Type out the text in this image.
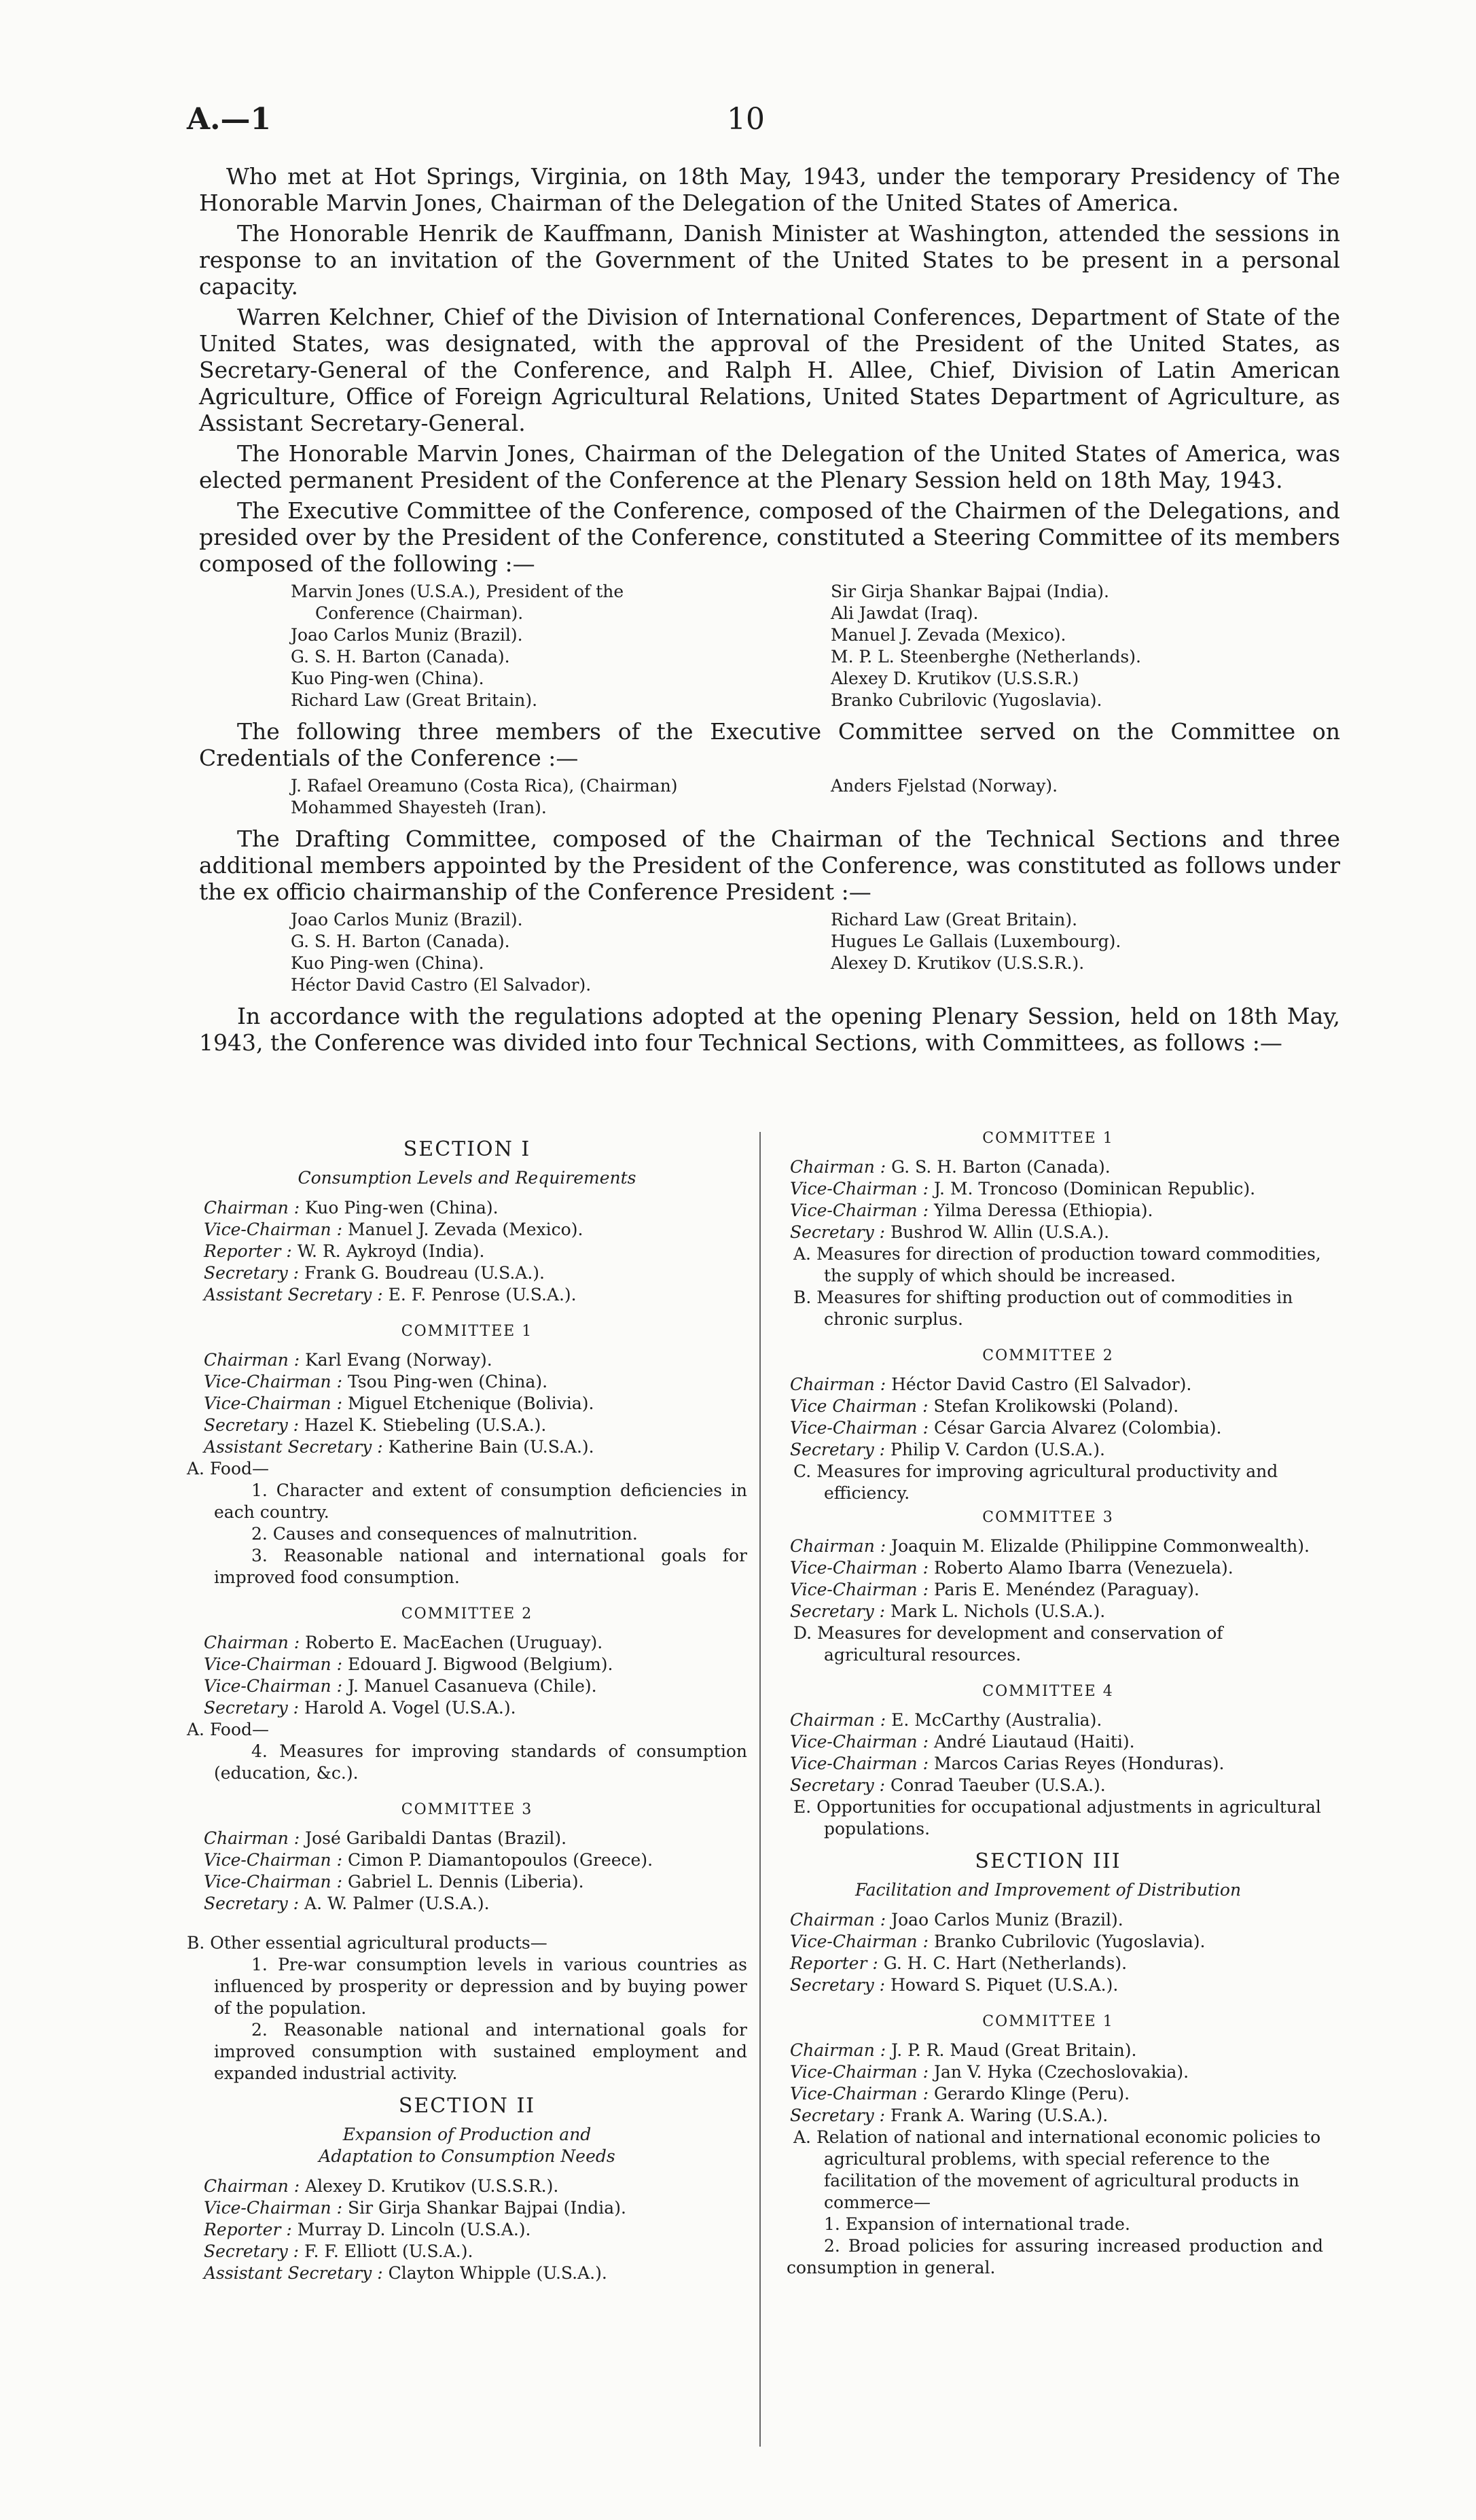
A.—1	10

Who met at Hot Springs, Virginia, on 18th May, 1943, under the temporary Presidency of The Honorable Marvin Jones, Chairman of the Delegation of the United States of America.

The Honorable Henrik de Kauffmann, Danish Minister at Washington, attended the sessions in response to an invitation of the Government of the United States to be present in a personal capacity.

Warren Kelchner, Chief of the Division of International Conferences, Department of State of the United States, was designated, with the approval of the President of the United States, as Secretary-General of the Conference, and Ralph H. Allee, Chief, Division of Latin American Agriculture, Office of Foreign Agricultural Relations, United States Department of Agriculture, as Assistant Secretary-General.

The Honorable Marvin Jones, Chairman of the Delegation of the United States of America, was elected permanent President of the Conference at the Plenary Session held on 18th May, 1943.

The Executive Committee of the Conference, composed of the Chairmen of the Delegations, and presided over by the President of the Conference, constituted a Steering Committee of its members composed of the following :—

Marvin Jones (U.S.A.), President of the
Conference (Chairman).
Joao Carlos Muniz (Brazil).
G. S. H. Barton (Canada).
Kuo Ping-wen (China).
Richard Law (Great Britain).
Sir Girja Shankar Bajpai (India).
Ali Jawdat (Iraq).
Manuel J. Zevada (Mexico).
M. P. L. Steenberghe (Netherlands).
Alexey D. Krutikov (U.S.S.R.)
Branko Cubrilovic (Yugoslavia).

The following three members of the Executive Committee served on the Committee on Credentials of the Conference :—

J. Rafael Oreamuno (Costa Rica), (Chairman)
Mohammed Shayesteh (Iran).
Anders Fjelstad (Norway).

The Drafting Committee, composed of the Chairman of the Technical Sections and three additional members appointed by the President of the Conference, was constituted as follows under the ex officio chairmanship of the Conference President :—

Joao Carlos Muniz (Brazil).
G. S. H. Barton (Canada).
Kuo Ping-wen (China).
Héctor David Castro (El Salvador).
Richard Law (Great Britain).
Hugues Le Gallais (Luxembourg).
Alexey D. Krutikov (U.S.S.R.).

In accordance with the regulations adopted at the opening Plenary Session, held on 18th May, 1943, the Conference was divided into four Technical Sections, with Committees, as follows :—

SECTION I
Consumption Levels and Requirements
Chairman : Kuo Ping-wen (China).
Vice-Chairman : Manuel J. Zevada (Mexico).
Reporter : W. R. Aykroyd (India).
Secretary : Frank G. Boudreau (U.S.A.).
Assistant Secretary : E. F. Penrose (U.S.A.).
COMMITTEE 1
Chairman : Karl Evang (Norway).
Vice-Chairman : Tsou Ping-wen (China).
Vice-Chairman : Miguel Etchenique (Bolivia).
Secretary : Hazel K. Stiebeling (U.S.A.).
Assistant Secretary : Katherine Bain (U.S.A.).
A. Food—
1. Character and extent of consumption deficiencies in each country.
2. Causes and consequences of malnutrition.
3. Reasonable national and international goals for improved food consumption.
COMMITTEE 2
Chairman : Roberto E. MacEachen (Uruguay).
Vice-Chairman : Edouard J. Bigwood (Belgium).
Vice-Chairman : J. Manuel Casanueva (Chile).
Secretary : Harold A. Vogel (U.S.A.).
A. Food—
4. Measures for improving standards of consumption (education, &c.).
COMMITTEE 3
Chairman : José Garibaldi Dantas (Brazil).
Vice-Chairman : Cimon P. Diamantopoulos (Greece).
Vice-Chairman : Gabriel L. Dennis (Liberia).
Secretary : A. W. Palmer (U.S.A.).
B. Other essential agricultural products—
1. Pre-war consumption levels in various countries as influenced by prosperity or depression and by buying power of the population.
2. Reasonable national and international goals for improved consumption with sustained employment and expanded industrial activity.
SECTION II
Expansion of Production and Adaptation to Consumption Needs
Chairman : Alexey D. Krutikov (U.S.S.R.).
Vice-Chairman : Sir Girja Shankar Bajpai (India).
Reporter : Murray D. Lincoln (U.S.A.).
Secretary : F. F. Elliott (U.S.A.).
Assistant Secretary : Clayton Whipple (U.S.A.).
COMMITTEE 1
Chairman : G. S. H. Barton (Canada).
Vice-Chairman : J. M. Troncoso (Dominican Republic).
Vice-Chairman : Yilma Deressa (Ethiopia).
Secretary : Bushrod W. Allin (U.S.A.).
A. Measures for direction of production toward commodities, the supply of which should be increased.
B. Measures for shifting production out of commodities in chronic surplus.
COMMITTEE 2
Chairman : Héctor David Castro (El Salvador).
Vice Chairman : Stefan Krolikowski (Poland).
Vice-Chairman : César Garcia Alvarez (Colombia).
Secretary : Philip V. Cardon (U.S.A.).
C. Measures for improving agricultural productivity and efficiency.
COMMITTEE 3
Chairman : Joaquin M. Elizalde (Philippine Commonwealth).
Vice-Chairman : Roberto Alamo Ibarra (Venezuela).
Vice-Chairman : Paris E. Menéndez (Paraguay).
Secretary : Mark L. Nichols (U.S.A.).
D. Measures for development and conservation of agricultural resources.
COMMITTEE 4
Chairman : E. McCarthy (Australia).
Vice-Chairman : André Liautaud (Haiti).
Vice-Chairman : Marcos Carias Reyes (Honduras).
Secretary : Conrad Taeuber (U.S.A.).
E. Opportunities for occupational adjustments in agricultural populations.
SECTION III
Facilitation and Improvement of Distribution
Chairman : Joao Carlos Muniz (Brazil).
Vice-Chairman : Branko Cubrilovic (Yugoslavia).
Reporter : G. H. C. Hart (Netherlands).
Secretary : Howard S. Piquet (U.S.A.).
COMMITTEE 1
Chairman : J. P. R. Maud (Great Britain).
Vice-Chairman : Jan V. Hyka (Czechoslovakia).
Vice-Chairman : Gerardo Klinge (Peru).
Secretary : Frank A. Waring (U.S.A.).
A. Relation of national and international economic policies to agricultural problems, with special reference to the facilitation of the movement of agricultural products in commerce—
1. Expansion of international trade.
2. Broad policies for assuring increased production and consumption in general.
